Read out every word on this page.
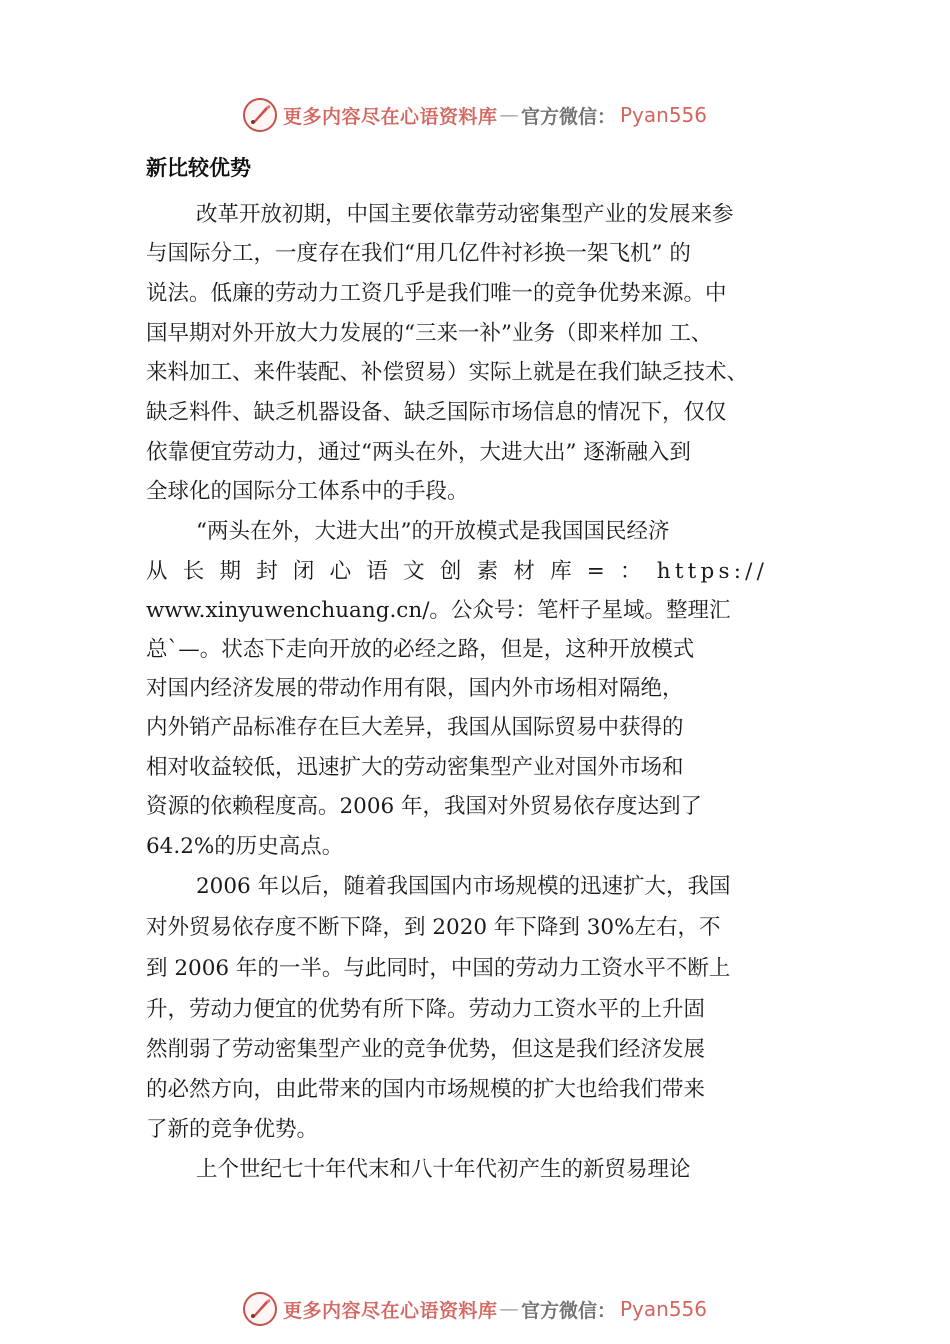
更多内容尽在心语资料库 — 官方微信： Pyan556
新比较优势
改革开放初期，中国主要依靠劳动密集型产业的发展来参
与国际分工，一度存在我们“用几亿件衬衫换一架飞机” 的
说法。低廉的劳动力工资几乎是我们唯一的竞争优势来源。中
国早期对外开放大力发展的“三来一补”业务（即来样加 工、
来料加工、来件装配、补偿贸易）实际上就是在我们缺乏技术、
缺乏料件、缺乏机器设备、缺乏国际市场信息的情况下，仅仅
依靠便宜劳动力，通过“两头在外，大进大出” 逐渐融入到
全球化的国际分工体系中的手段。
“两头在外，大进大出”的开放模式是我国国民经济
从 长 期 封 闭 心 语 文 创 素 材 库 = ： https://
www.xinyuwenchuang.cn/。公众号：笔杆子星域。整理汇
总`—。状态下走向开放的必经之路，但是，这种开放模式
对国内经济发展的带动作用有限，国内外市场相对隔绝，
内外销产品标准存在巨大差异，我国从国际贸易中获得的
相对收益较低，迅速扩大的劳动密集型产业对国外市场和
资源的依赖程度高。2006 年，我国对外贸易依存度达到了
64.2%的历史高点。
2006 年以后，随着我国国内市场规模的迅速扩大，我国
对外贸易依存度不断下降，到 2020 年下降到 30%左右，不
到 2006 年的一半。与此同时，中国的劳动力工资水平不断上
升，劳动力便宜的优势有所下降。劳动力工资水平的上升固
然削弱了劳动密集型产业的竞争优势，但这是我们经济发展
的必然方向，由此带来的国内市场规模的扩大也给我们带来
了新的竞争优势。
上个世纪七十年代末和八十年代初产生的新贸易理论
更多内容尽在心语资料库 — 官方微信： Pyan556
